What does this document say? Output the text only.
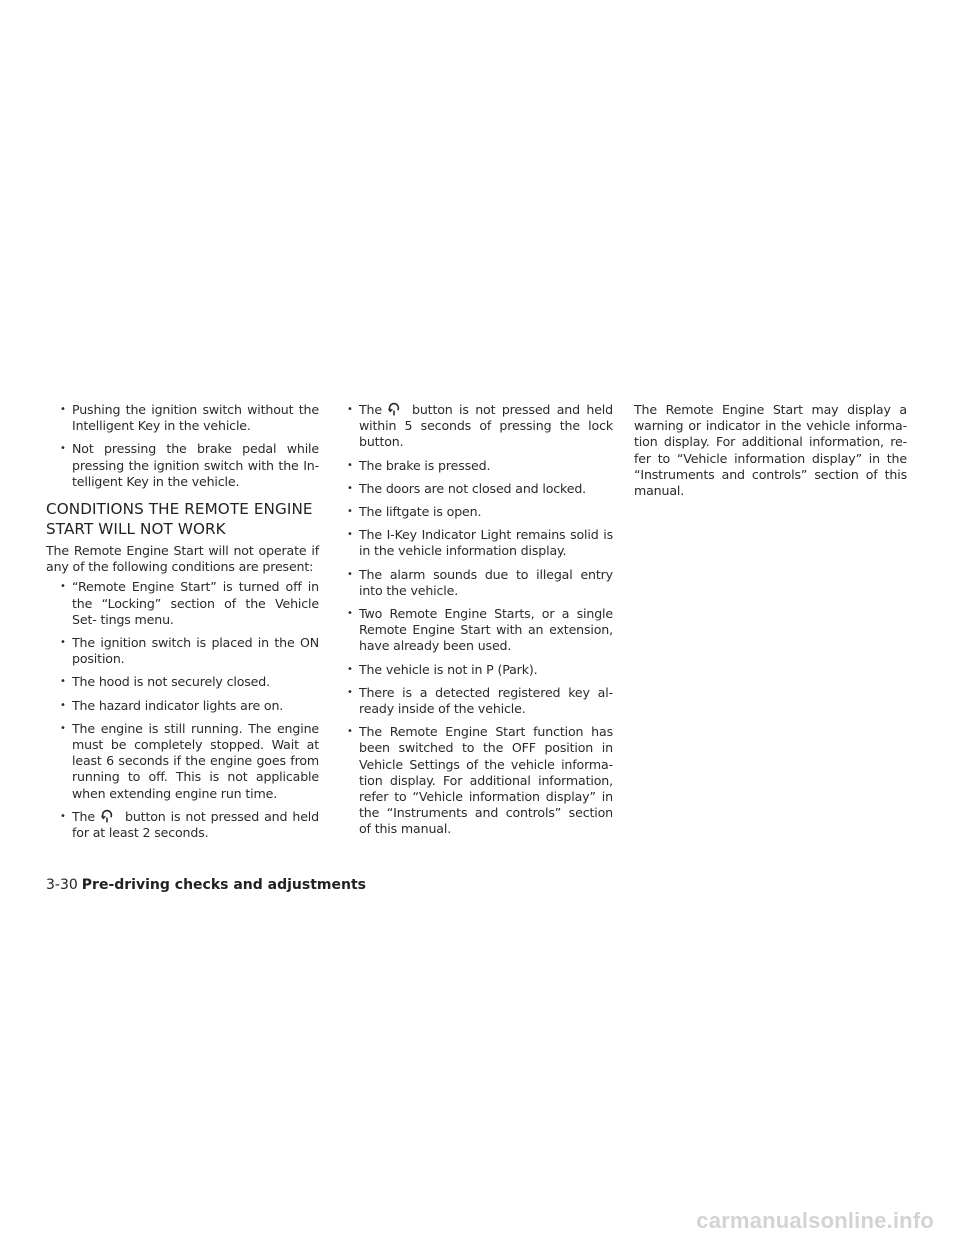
• Pushing the ignition switch without the Intelligent Key in the vehicle.
• Not pressing the brake pedal while pressing the ignition switch with the In- telligent Key in the vehicle.
CONDITIONS THE REMOTE ENGINE START WILL NOT WORK

The Remote Engine Start will not operate if any of the following conditions are present:

• “Remote Engine Start” is turned off in the “Locking” section of the Vehicle Set- tings menu.
• The ignition switch is placed in the ON position.
• The hood is not securely closed.
• The hazard indicator lights are on.
• The engine is still running. The engine must be completely stopped. Wait at least 6 seconds if the engine goes from running to off. This is not applicable when extending engine run time.
• The button is not pressed and held for at least 2 seconds.
• The button is not pressed and held within 5 seconds of pressing the lock button.
• The brake is pressed.
• The doors are not closed and locked.
• The liftgate is open.
• The I-Key Indicator Light remains solid is in the vehicle information display.
• The alarm sounds due to illegal entry into the vehicle.
• Two Remote Engine Starts, or a single Remote Engine Start with an extension, have already been used.
• The vehicle is not in P (Park).
• There is a detected registered key al- ready inside of the vehicle.
• The Remote Engine Start function has been switched to the OFF position in Vehicle Settings of the vehicle informa- tion display. For additional information, refer to “Vehicle information display” in the “Instruments and controls” section of this manual.

The Remote Engine Start may display a warning or indicator in the vehicle informa- tion display. For additional information, re- fer to “Vehicle information display” in the “Instruments and controls” section of this manual.

3-30 Pre-driving checks and adjustments
carmanualsonline.info
